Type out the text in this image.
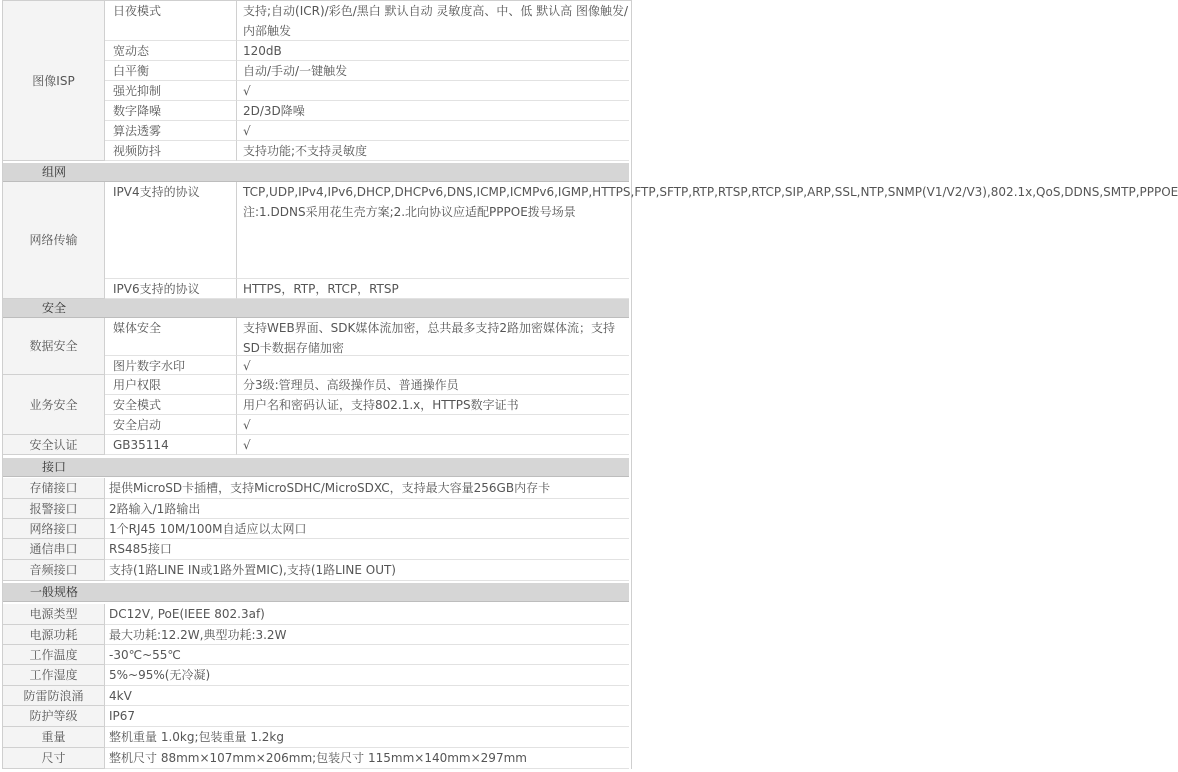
图像ISP
日夜模式	支持;自动(ICR)/彩色/黑白 默认自动 灵敏度高、中、低 默认高 图像触发/内部触发
宽动态	120dB
白平衡	自动/手动/一键触发
强光抑制	√
数字降噪	2D/3D降噪
算法透雾	√
视频防抖	支持功能;不支持灵敏度
组网
网络传输
IPV4支持的协议	TCP,UDP,IPv4,IPv6,DHCP,DHCPv6,DNS,ICMP,ICMPv6,IGMP,HTTPS,FTP,SFTP,RTP,RTSP,RTCP,SIP,ARP,SSL,NTP,SNMP(V1/V2/V3),802.1x,QoS,DDNS,SMTP,PPPOE 注:1.DDNS采用花生壳方案;2.北向协议应适配PPPOE拨号场景
IPV6支持的协议	HTTPS，RTP，RTCP，RTSP
安全
数据安全
媒体安全	支持WEB界面、SDK媒体流加密，总共最多支持2路加密媒体流；支持SD卡数据存储加密
图片数字水印	√
业务安全
用户权限	分3级:管理员、高级操作员、普通操作员
安全模式	用户名和密码认证，支持802.1.x，HTTPS数字证书
安全启动	√
安全认证	GB35114	√
接口
存储接口	提供MicroSD卡插槽，支持MicroSDHC/MicroSDXC，支持最大容量256GB内存卡
报警接口	2路输入/1路输出
网络接口	1个RJ45 10M/100M自适应以太网口
通信串口	RS485接口
音频接口	支持(1路LINE IN或1路外置MIC),支持(1路LINE OUT)
一般规格
电源类型	DC12V, PoE(IEEE 802.3af)
电源功耗	最大功耗:12.2W,典型功耗:3.2W
工作温度	-30℃~55℃
工作湿度	5%~95%(无冷凝)
防雷防浪涌	4kV
防护等级	IP67
重量	整机重量 1.0kg;包装重量 1.2kg
尺寸	整机尺寸 88mm×107mm×206mm;包装尺寸 115mm×140mm×297mm
